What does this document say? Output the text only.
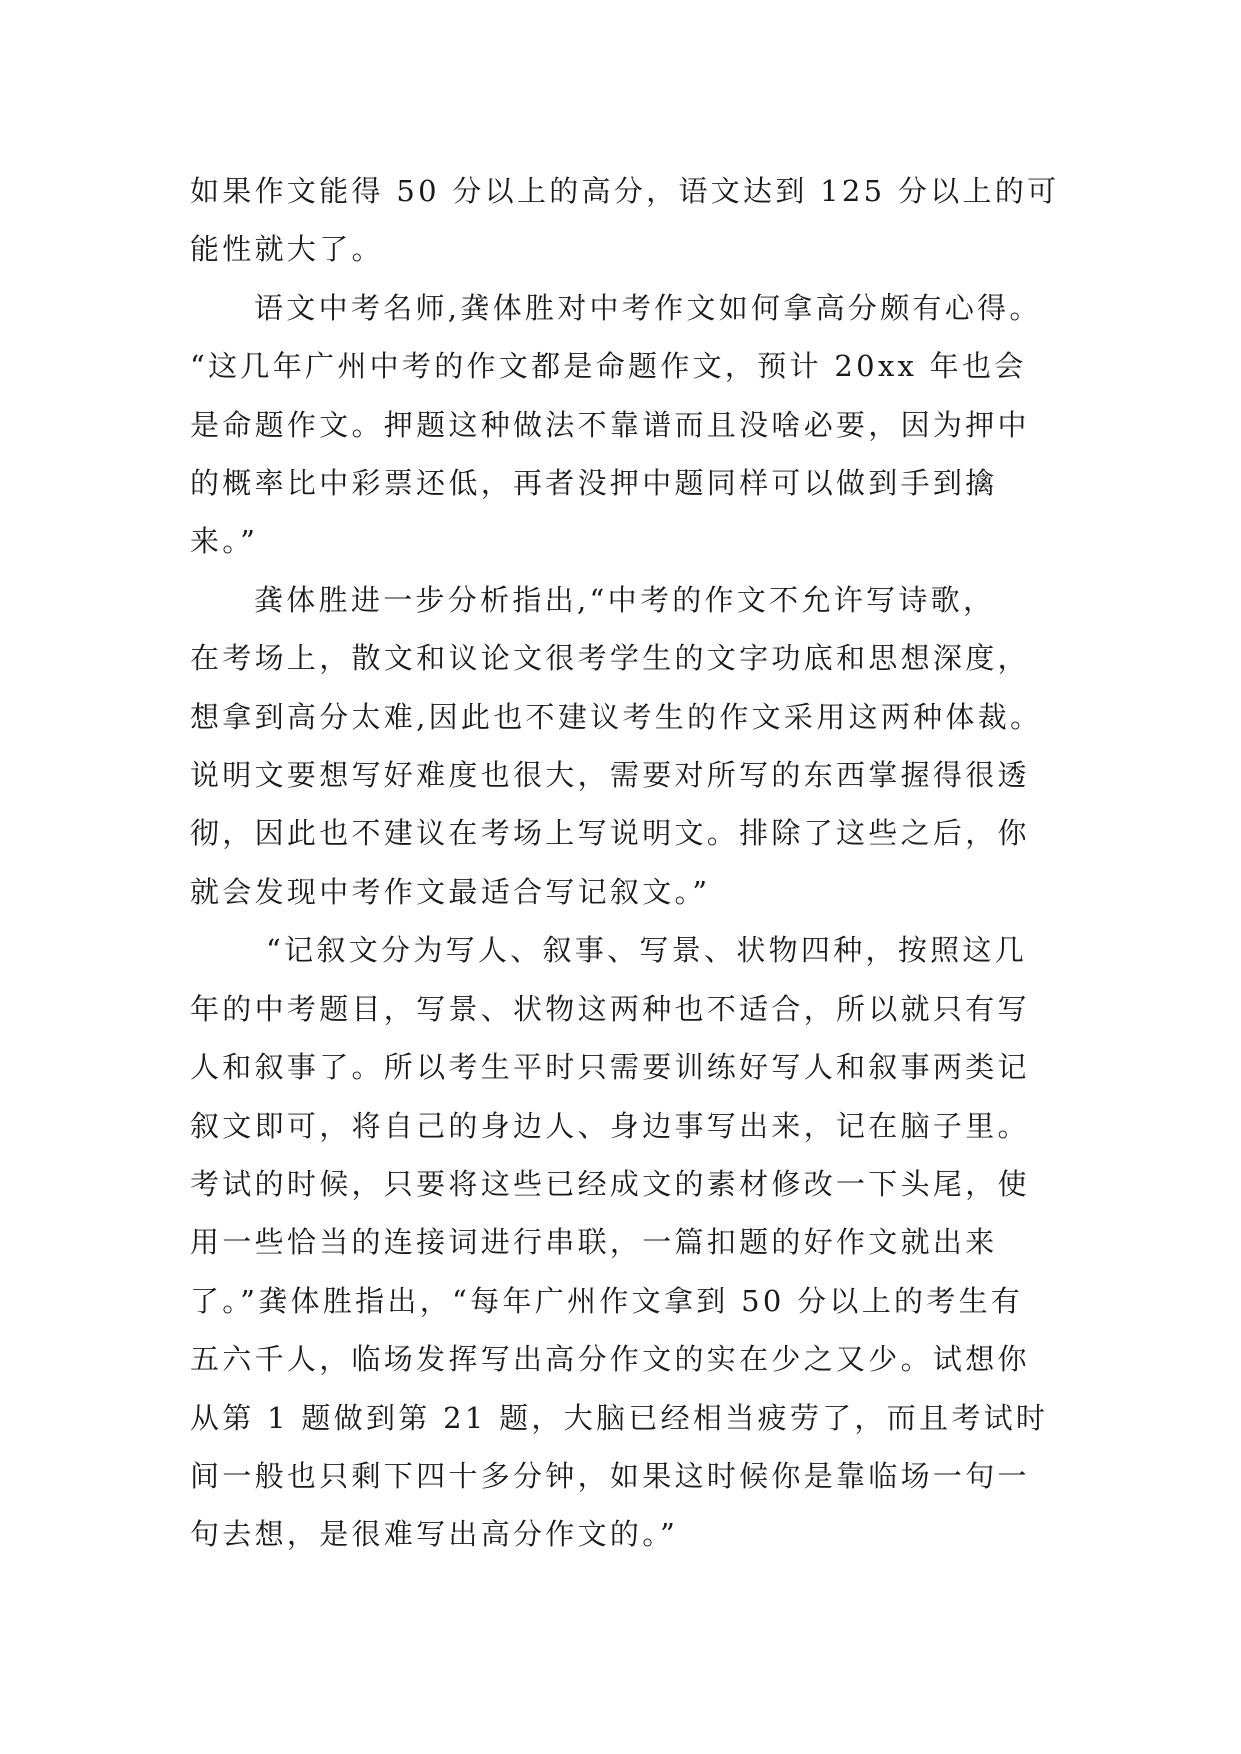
如果作文能得 50 分以上的高分，语文达到 125 分以上的可
能性就大了。

语文中考名师,龚体胜对中考作文如何拿高分颇有心得。
“这几年广州中考的作文都是命题作文，预计 20xx 年也会
是命题作文。押题这种做法不靠谱而且没啥必要，因为押中
的概率比中彩票还低，再者没押中题同样可以做到手到擒
来。”

龚体胜进一步分析指出,“中考的作文不允许写诗歌，
在考场上，散文和议论文很考学生的文字功底和思想深度，
想拿到高分太难,因此也不建议考生的作文采用这两种体裁。
说明文要想写好难度也很大，需要对所写的东西掌握得很透
彻，因此也不建议在考场上写说明文。排除了这些之后，你
就会发现中考作文最适合写记叙文。”

“记叙文分为写人、叙事、写景、状物四种，按照这几
年的中考题目，写景、状物这两种也不适合，所以就只有写
人和叙事了。所以考生平时只需要训练好写人和叙事两类记
叙文即可，将自己的身边人、身边事写出来，记在脑子里。
考试的时候，只要将这些已经成文的素材修改一下头尾，使
用一些恰当的连接词进行串联，一篇扣题的好作文就出来
了。”龚体胜指出，“每年广州作文拿到 50 分以上的考生有
五六千人，临场发挥写出高分作文的实在少之又少。试想你
从第 1 题做到第 21 题，大脑已经相当疲劳了，而且考试时
间一般也只剩下四十多分钟，如果这时候你是靠临场一句一
句去想，是很难写出高分作文的。”
